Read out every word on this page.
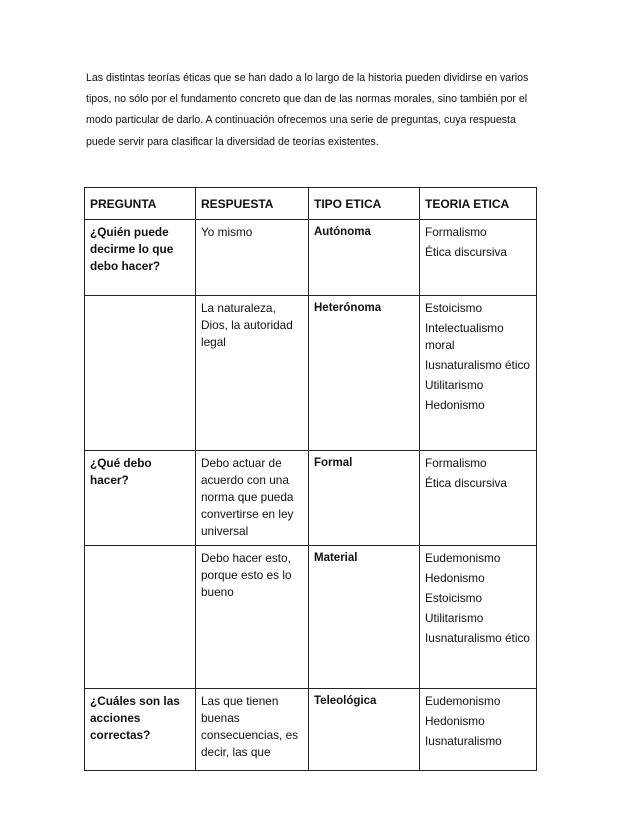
Las distintas teorías éticas que se han dado a lo largo de la historia pueden dividirse en varios

tipos, no sólo por el fundamento concreto que dan de las normas morales, sino también por el

modo particular de darlo. A continuación ofrecemos una serie de preguntas, cuya respuesta

puede servir para clasificar la diversidad de teorías existentes.

PREGUNTA	RESPUESTA	TIPO ETICA	TEORIA ETICA
¿Quién puede decirme lo que debo hacer?	Yo mismo	Autónoma	Formalismo

Ética discursiva

	La naturaleza, Dios, la autoridad legal	Heterónoma	Estoicismo

Intelectualismo moral

Iusnaturalismo ético

Utilitarismo

Hedonismo

¿Qué debo hacer?	Debo actuar de acuerdo con una norma que pueda convertirse en ley universal	Formal	Formalismo

Ética discursiva

	Debo hacer esto, porque esto es lo bueno	Material	Eudemonismo

Hedonismo

Estoicismo

Utilitarismo

Iusnaturalismo ético

¿Cuáles son las acciones correctas?	Las que tienen buenas consecuencias, es decir, las que	Teleológica	Eudemonismo

Hedonismo

Iusnaturalismo
